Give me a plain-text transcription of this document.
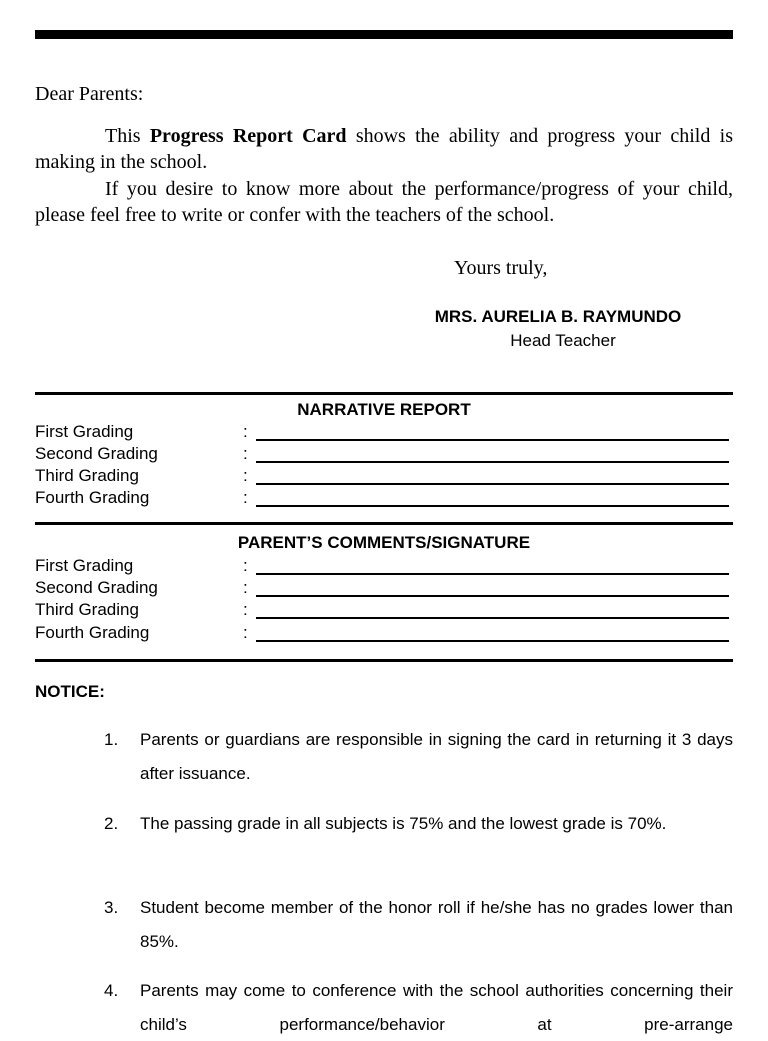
Dear Parents:
This Progress Report Card shows the ability and progress your child is making in the school.
If you desire to know more about the performance/progress of your child, please feel free to write or confer with the teachers of the school.
Yours truly,
MRS. AURELIA B. RAYMUNDO
Head Teacher
NARRATIVE REPORT
First Grading	:
Second Grading	:
Third Grading	:
Fourth Grading	:
PARENT’S COMMENTS/SIGNATURE
First Grading	:
Second Grading	:
Third Grading	:
Fourth Grading	:
NOTICE:
1. Parents or guardians are responsible in signing the card in returning it 3 days after issuance.
2. The passing grade in all subjects is 75% and the lowest grade is 70%.
3. Student become member of the honor roll if he/she has no grades lower than 85%.
4. Parents may come to conference with the school authorities concerning their child’s performance/behavior at pre-arrange
